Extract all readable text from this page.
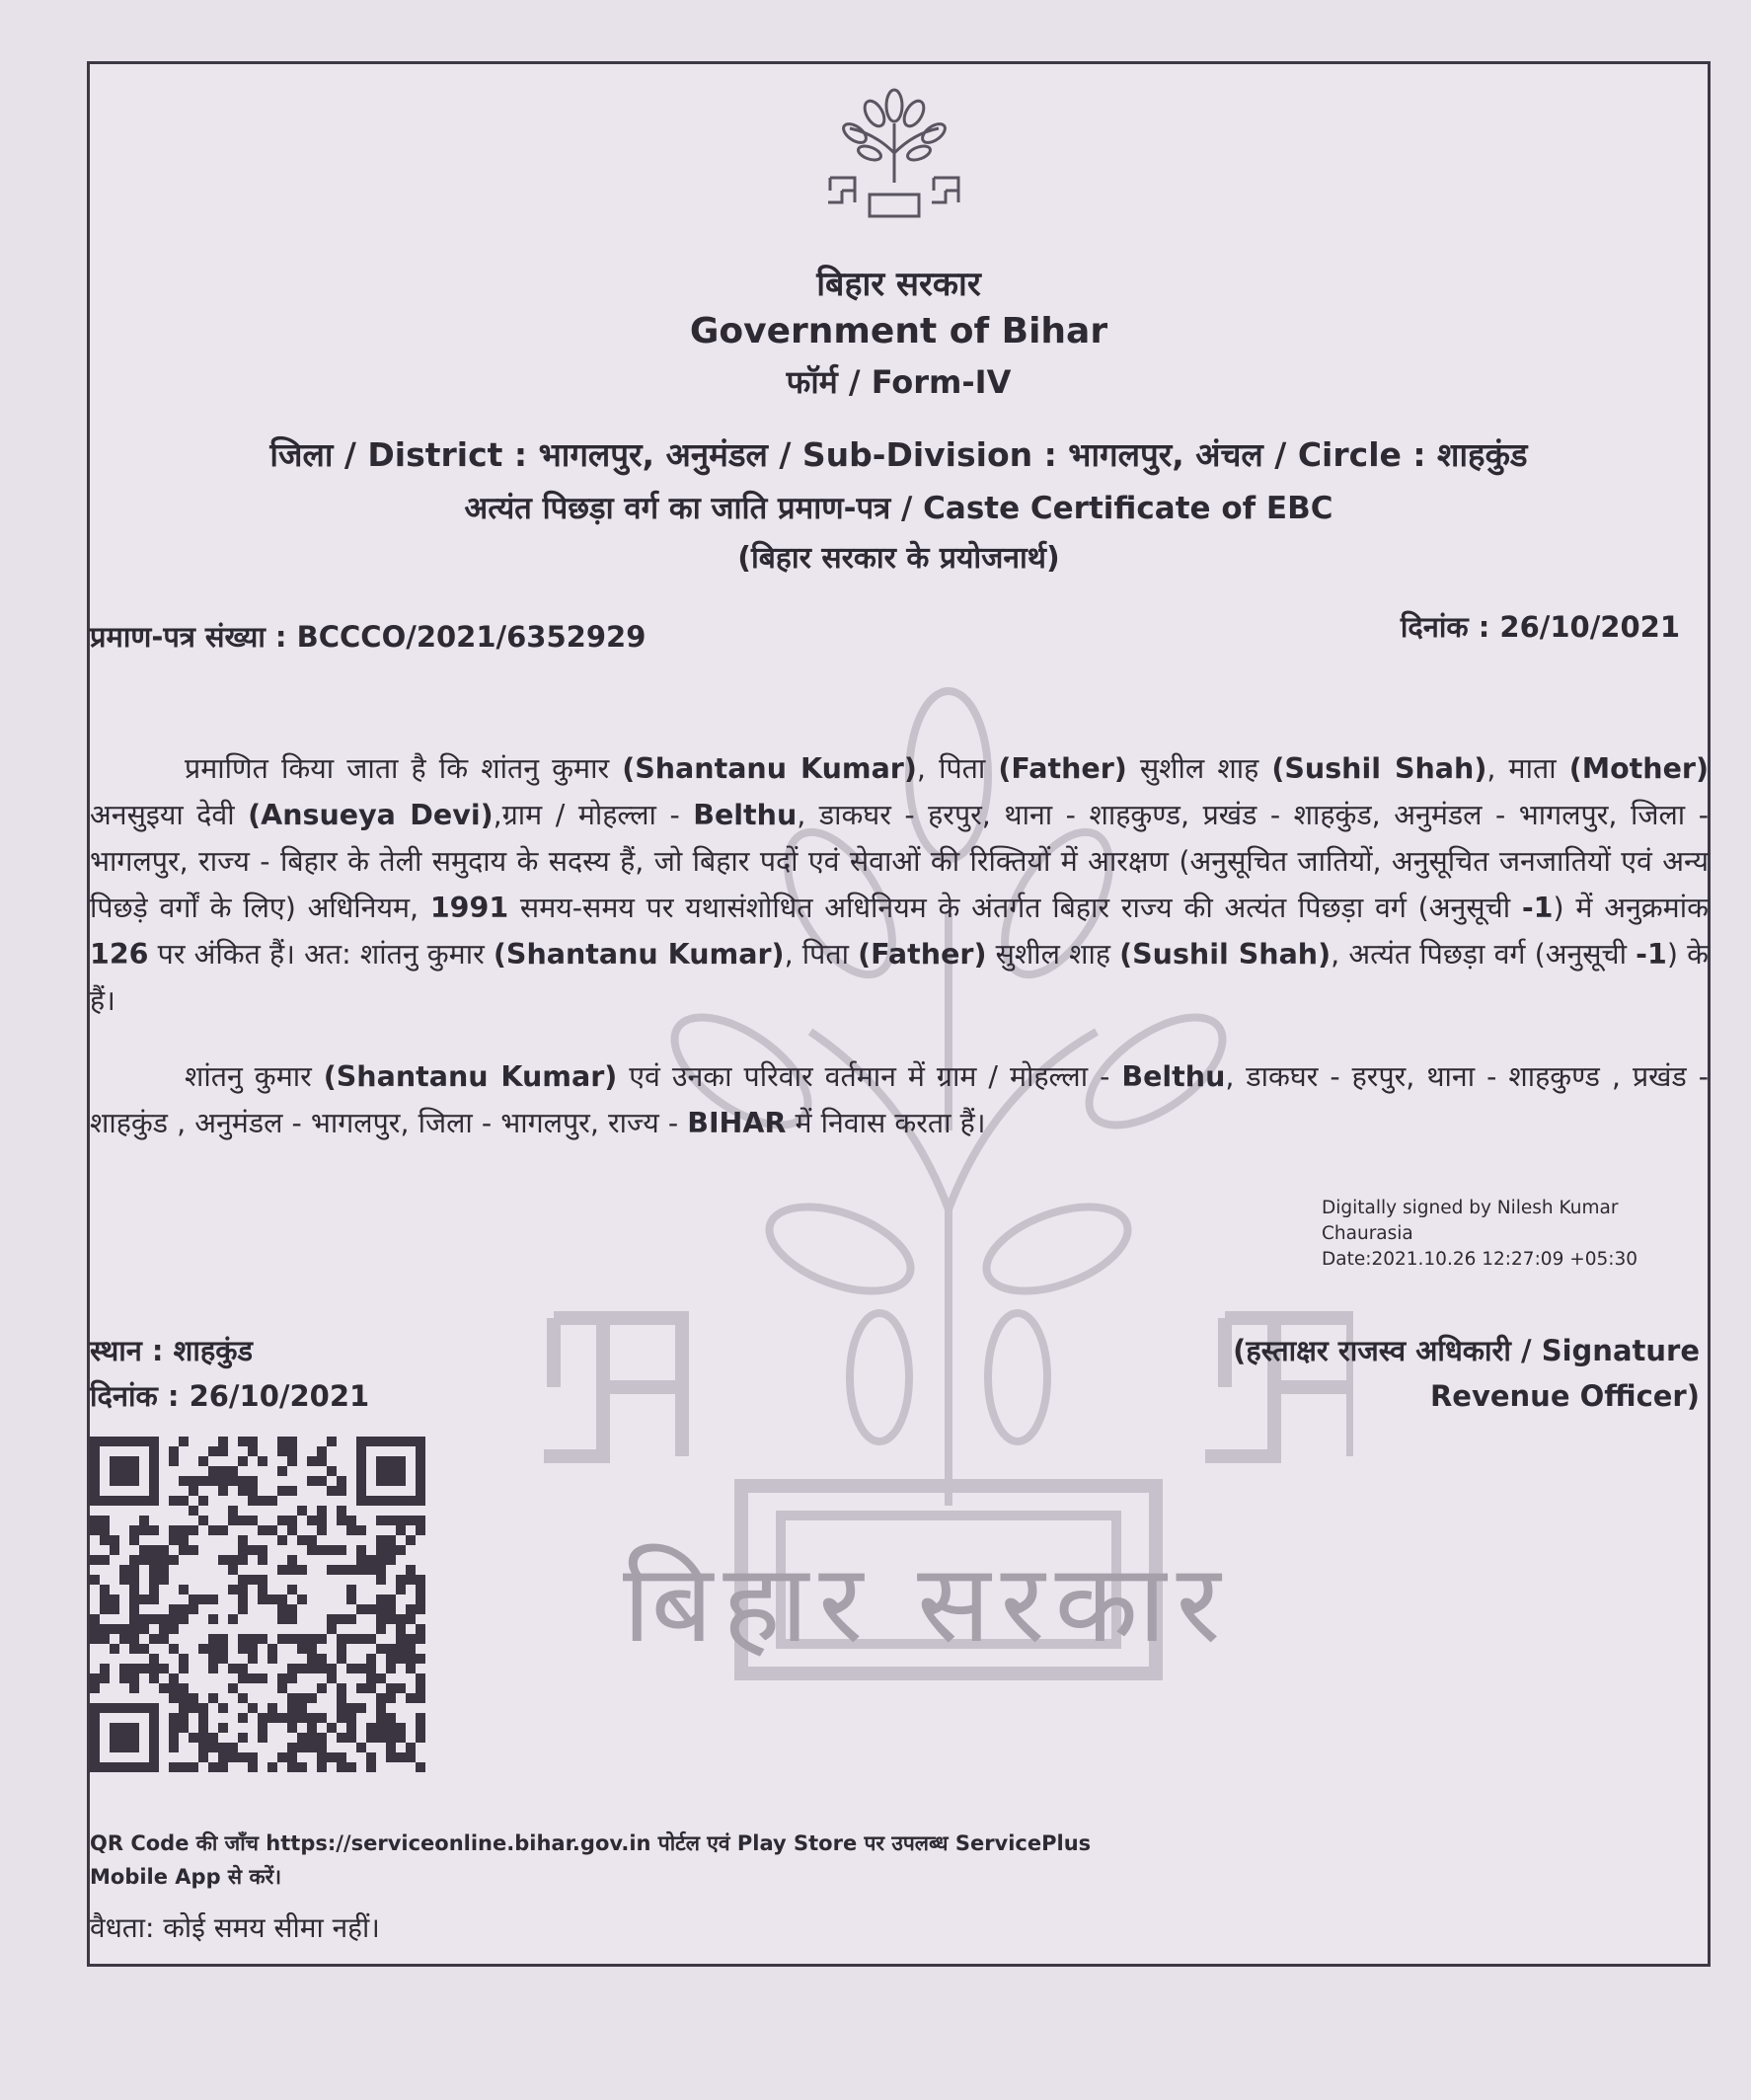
बिहार सरकार
बिहार सरकार
Government of Bihar
फॉर्म / Form-IV
जिला / District : भागलपुर, अनुमंडल / Sub-Division : भागलपुर, अंचल / Circle : शाहकुंड
अत्यंत पिछड़ा वर्ग का जाति प्रमाण-पत्र / Caste Certificate of EBC
(बिहार सरकार के प्रयोजनार्थ)
प्रमाण-पत्र संख्या : BCCCO/2021/6352929	दिनांक : 26/10/2021
प्रमाणित किया जाता है कि शांतनु कुमार (Shantanu Kumar), पिता (Father) सुशील शाह (Sushil Shah), माता (Mother) अनसुइया देवी (Ansueya Devi),ग्राम / मोहल्ला - Belthu, डाकघर - हरपुर, थाना - शाहकुण्ड, प्रखंड - शाहकुंड, अनुमंडल - भागलपुर, जिला - भागलपुर, राज्य - बिहार के तेली समुदाय के सदस्य हैं, जो बिहार पदों एवं सेवाओं की रिक्तियों में आरक्षण (अनुसूचित जातियों, अनुसूचित जनजातियों एवं अन्य पिछड़े वर्गों के लिए) अधिनियम, 1991 समय-समय पर यथासंशोधित अधिनियम के अंतर्गत बिहार राज्य की अत्यंत पिछड़ा वर्ग (अनुसूची -1) में अनुक्रमांक 126 पर अंकित हैं। अत: शांतनु कुमार (Shantanu Kumar), पिता (Father) सुशील शाह (Sushil Shah), अत्यंत पिछड़ा वर्ग (अनुसूची -1) के हैं।
शांतनु कुमार (Shantanu Kumar) एवं उनका परिवार वर्तमान में ग्राम / मोहल्ला - Belthu, डाकघर - हरपुर, थाना - शाहकुण्ड , प्रखंड - शाहकुंड , अनुमंडल - भागलपुर, जिला - भागलपुर, राज्य - BIHAR में निवास करता हैं।
Digitally signed by Nilesh Kumar Chaurasia
Date:2021.10.26 12:27:09 +05:30
स्थान : शाहकुंड
दिनांक : 26/10/2021
(हस्ताक्षर राजस्व अधिकारी / Signature
Revenue Officer)
QR Code की जाँच https://serviceonline.bihar.gov.in पोर्टल एवं Play Store पर उपलब्ध ServicePlus Mobile App से करें।
वैधता: कोई समय सीमा नहीं।
